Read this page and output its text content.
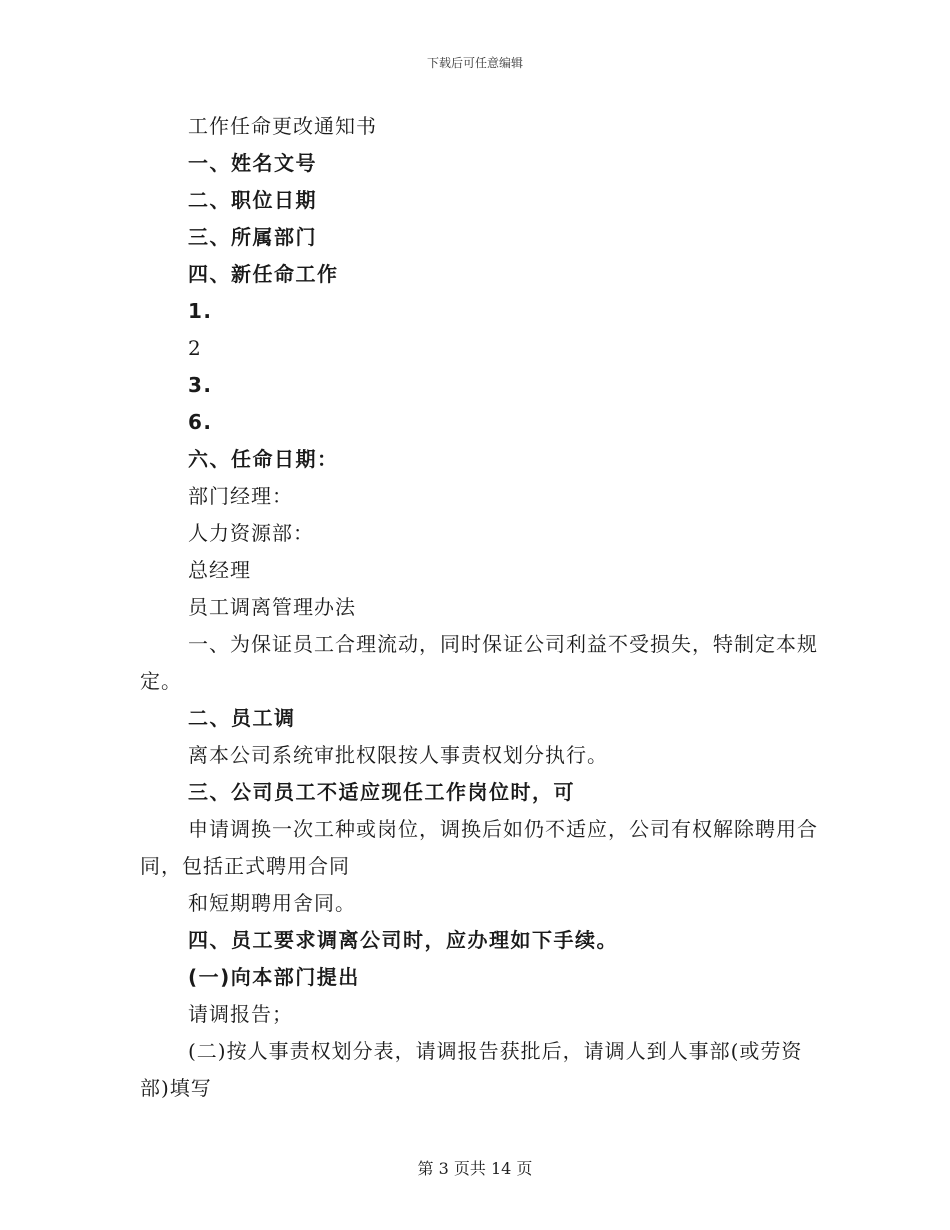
下载后可任意编辑

工作任命更改通知书

一、姓名文号

二、职位日期

三、所属部门

四、新任命工作

1.

2

3.

6.

六、任命日期：

部门经理：

人力资源部：

总经理

员工调离管理办法

一、为保证员工合理流动，同时保证公司利益不受损失，特制定本规定。

二、员工调

离本公司系统审批权限按人事责权划分执行。

三、公司员工不适应现任工作岗位时，可

申请调换一次工种或岗位，调换后如仍不适应，公司有权解除聘用合同，包括正式聘用合同

和短期聘用舍同。

四、员工要求调离公司时，应办理如下手续。

(一)向本部门提出

请调报告；

(二)按人事责权划分表，请调报告获批后，请调人到人事部(或劳资部)填写

第 3 页共 14 页
